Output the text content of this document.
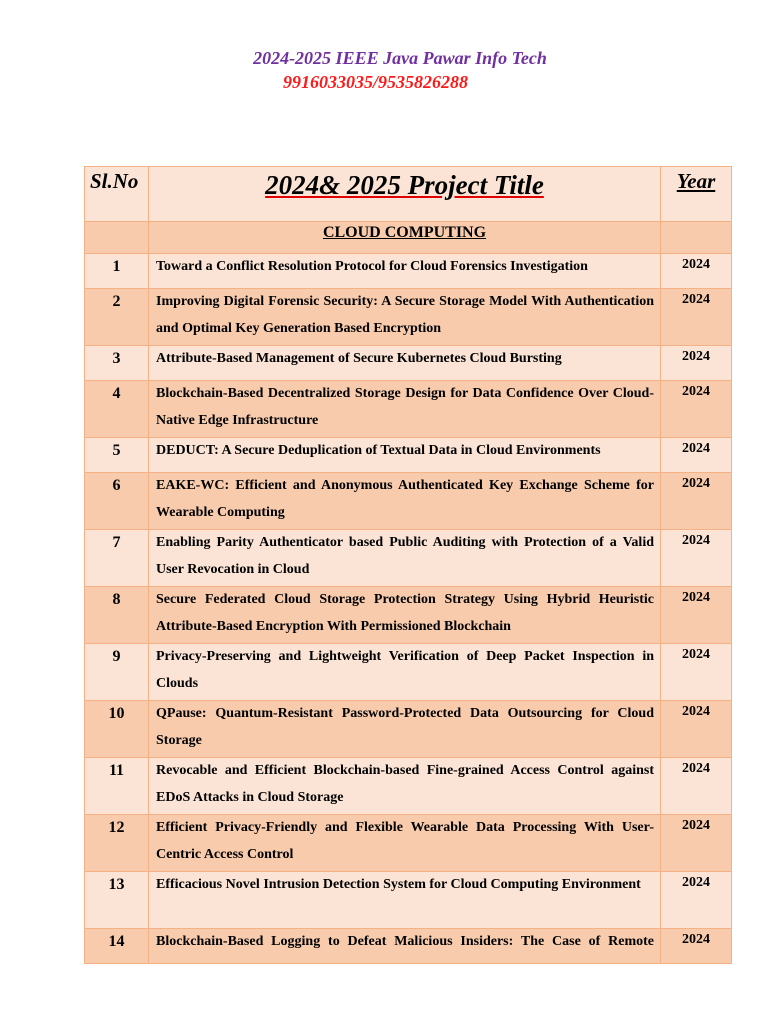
2024-2025 IEEE Java Pawar Info Tech
9916033035/9535826288
Sl.No	2024& 2025 Project Title	Year
	CLOUD COMPUTING	
1	Toward a Conflict Resolution Protocol for Cloud Forensics Investigation	2024
2	Improving Digital Forensic Security: A Secure Storage Model With Authentication and Optimal Key Generation Based Encryption	2024
3	Attribute-Based Management of Secure Kubernetes Cloud Bursting	2024
4	Blockchain-Based Decentralized Storage Design for Data Confidence Over Cloud-Native Edge Infrastructure	2024
5	DEDUCT: A Secure Deduplication of Textual Data in Cloud Environments	2024
6	EAKE-WC: Efficient and Anonymous Authenticated Key Exchange Scheme for Wearable Computing	2024
7	Enabling Parity Authenticator based Public Auditing with Protection of a Valid User Revocation in Cloud	2024
8	Secure Federated Cloud Storage Protection Strategy Using Hybrid Heuristic Attribute-Based Encryption With Permissioned Blockchain	2024
9	Privacy-Preserving and Lightweight Verification of Deep Packet Inspection in Clouds	2024
10	QPause: Quantum-Resistant Password-Protected Data Outsourcing for Cloud Storage	2024
11	Revocable and Efficient Blockchain-based Fine-grained Access Control against EDoS Attacks in Cloud Storage	2024
12	Efficient Privacy-Friendly and Flexible Wearable Data Processing With User-Centric Access Control	2024
13	Efficacious Novel Intrusion Detection System for Cloud Computing Environment	2024
14	Blockchain-Based Logging to Defeat Malicious Insiders: The Case of Remote	2024
